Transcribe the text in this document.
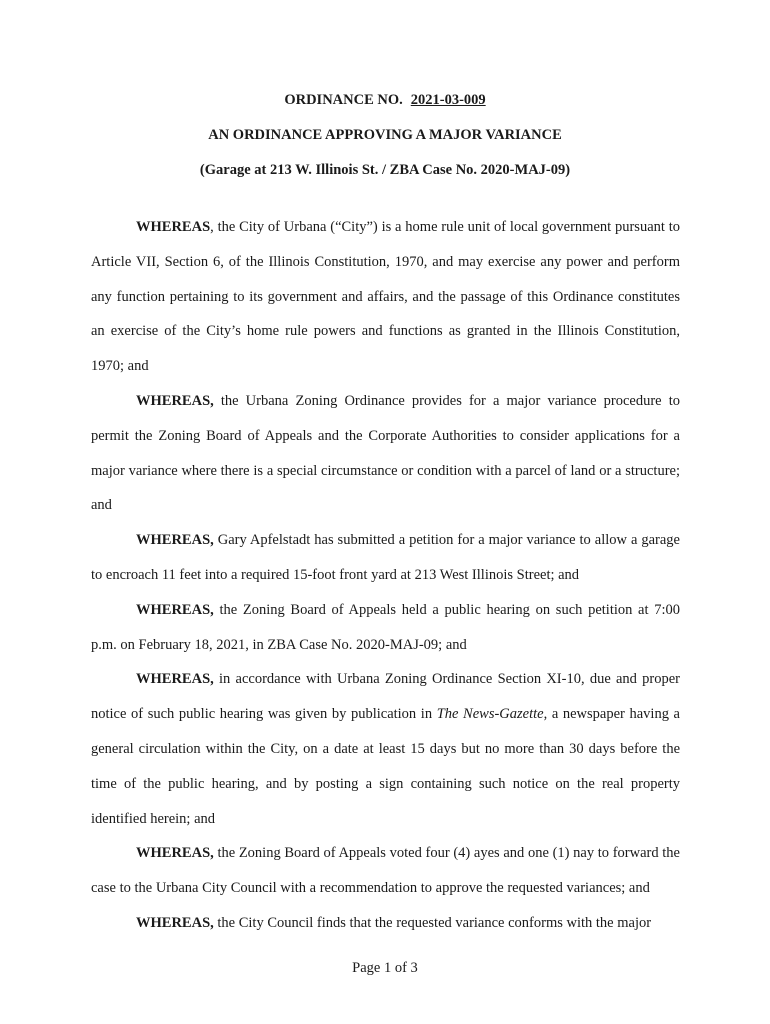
ORDINANCE NO. 2021-03-009
AN ORDINANCE APPROVING A MAJOR VARIANCE
(Garage at 213 W. Illinois St. / ZBA Case No. 2020-MAJ-09)

WHEREAS, the City of Urbana (“City”) is a home rule unit of local government pursuant to Article VII, Section 6, of the Illinois Constitution, 1970, and may exercise any power and perform any function pertaining to its government and affairs, and the passage of this Ordinance constitutes an exercise of the City’s home rule powers and functions as granted in the Illinois Constitution, 1970; and

WHEREAS, the Urbana Zoning Ordinance provides for a major variance procedure to permit the Zoning Board of Appeals and the Corporate Authorities to consider applications for a major variance where there is a special circumstance or condition with a parcel of land or a structure; and

WHEREAS, Gary Apfelstadt has submitted a petition for a major variance to allow a garage to encroach 11 feet into a required 15-foot front yard at 213 West Illinois Street; and

WHEREAS, the Zoning Board of Appeals held a public hearing on such petition at 7:00 p.m. on February 18, 2021, in ZBA Case No. 2020-MAJ-09; and

WHEREAS, in accordance with Urbana Zoning Ordinance Section XI-10, due and proper notice of such public hearing was given by publication in The News-Gazette, a newspaper having a general circulation within the City, on a date at least 15 days but no more than 30 days before the time of the public hearing, and by posting a sign containing such notice on the real property identified herein; and

WHEREAS, the Zoning Board of Appeals voted four (4) ayes and one (1) nay to forward the case to the Urbana City Council with a recommendation to approve the requested variances; and

WHEREAS, the City Council finds that the requested variance conforms with the major

Page 1 of 3
